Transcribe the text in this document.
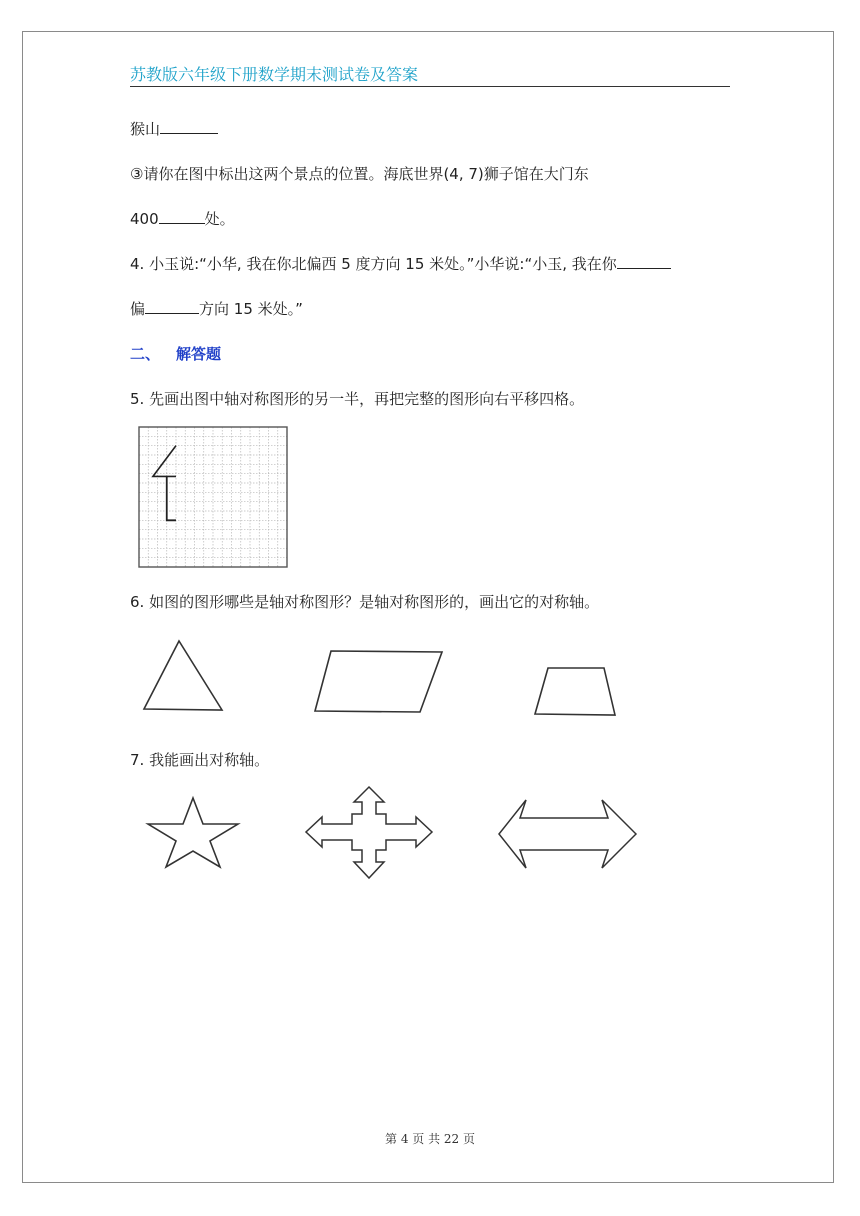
苏教版六年级下册数学期末测试卷及答案
猴山
③请你在图中标出这两个景点的位置。海底世界(4, 7)狮子馆在大门东
400	处。
4. 小玉说:“小华, 我在你北偏西 5 度方向 15 米处。”小华说:“小玉, 我在你
偏	方向 15 米处。”
二、 解答题
5. 先画出图中轴对称图形的另一半，再把完整的图形向右平移四格。
6. 如图的图形哪些是轴对称图形？是轴对称图形的，画出它的对称轴。
7. 我能画出对称轴。
第 4 页 共 22 页
